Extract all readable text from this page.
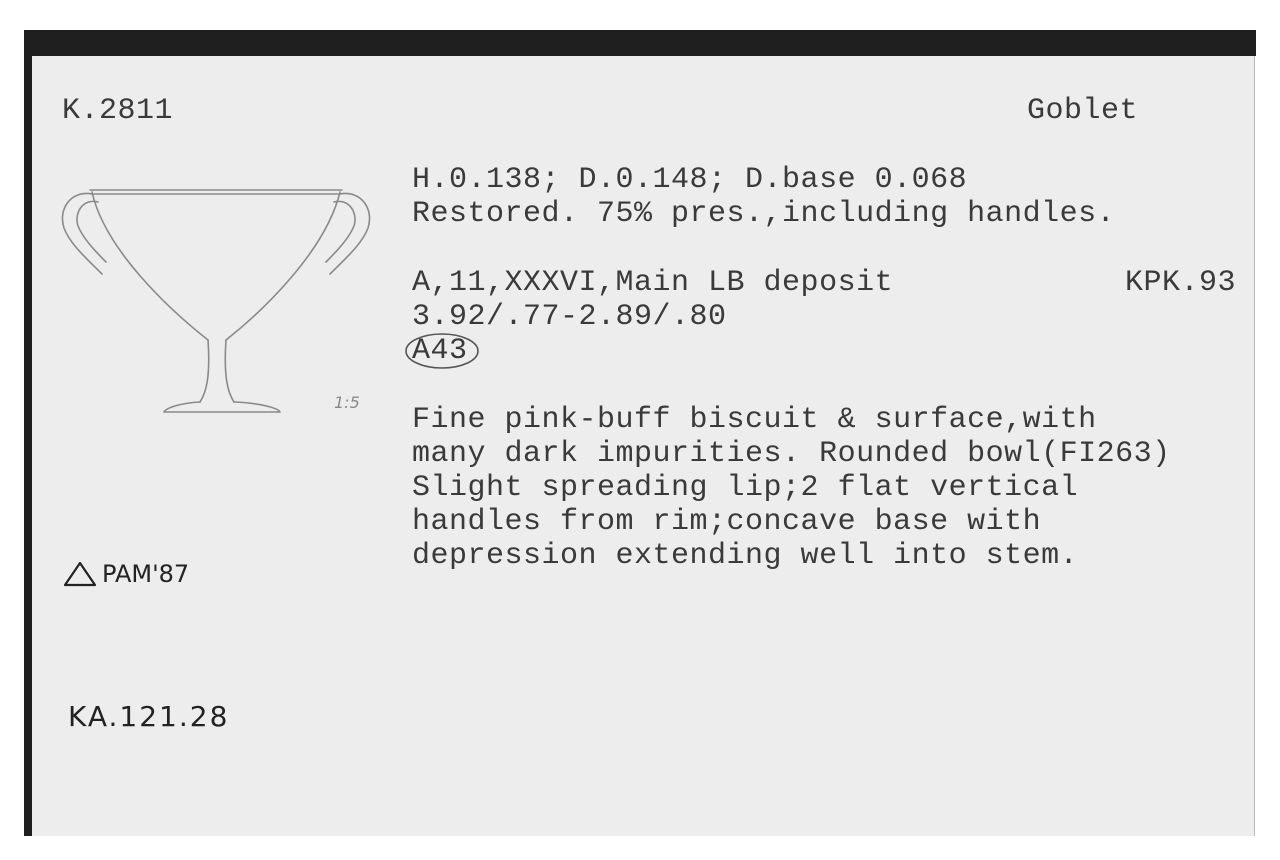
K.2811	Goblet
H.0.138; D.0.148; D.base 0.068
Restored. 75% pres.,including handles.
A,11,XXXVI,Main LB deposit	KPK.93
3.92/.77-2.89/.80
A43
Fine pink-buff biscuit & surface,with
many dark impurities. Rounded bowl(FΙ263)
Slight spreading lip;2 flat vertical
handles from rim;concave base with
depression extending well into stem.
1:5
PAM'87
KA.121.28
